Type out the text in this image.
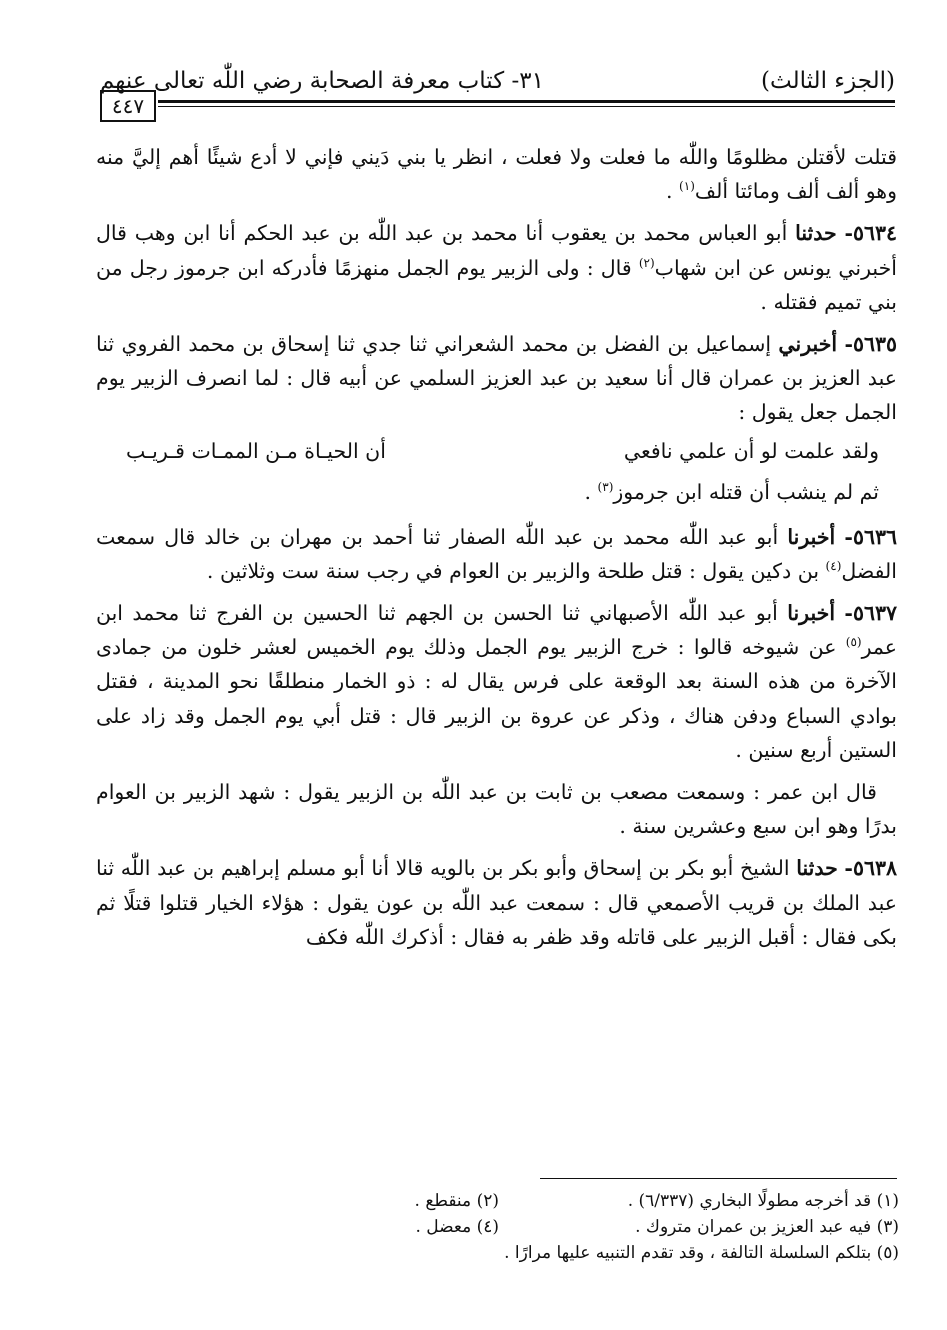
(الجزء الثالث)
٣١- كتاب معرفة الصحابة رضي اللّٰه تعالى عنهم
٤٤٧

قتلت لأقتلن مظلومًا واللّٰه ما فعلت ولا فعلت ، انظر يا بني دَيني فإني لا أدع شيئًا أهم إليَّ منه وهو ألف ألف ومائتا ألف$^{(١)}$ .

٥٦٣٤- حدثنا أبو العباس محمد بن يعقوب أنا محمد بن عبد اللّٰه بن عبد الحكم أنا ابن وهب قال أخبرني يونس عن ابن شهاب$^{(٢)}$ قال : ولى الزبير يوم الجمل منهزمًا فأدركه ابن جرموز رجل من بني تميم فقتله .

٥٦٣٥- أخبرني إسماعيل بن الفضل بن محمد الشعراني ثنا جدي ثنا إسحاق بن محمد الفروي ثنا عبد العزيز بن عمران قال أنا سعيد بن عبد العزيز السلمي عن أبيه قال : لما انصرف الزبير يوم الجمل جعل يقول :

ولقد علمت لو أن علمي نافعي
أن الحيـاة مـن الممـات قـريـب
ثم لم ينشب أن قتله ابن جرموز$^{(٣)}$ .

٥٦٣٦- أخبرنا أبو عبد اللّٰه محمد بن عبد اللّٰه الصفار ثنا أحمد بن مهران بن خالد قال سمعت الفضل$^{(٤)}$ بن دكين يقول : قتل طلحة والزبير بن العوام في رجب سنة ست وثلاثين .

٥٦٣٧- أخبرنا أبو عبد اللّٰه الأصبهاني ثنا الحسن بن الجهم ثنا الحسين بن الفرج ثنا محمد ابن عمر$^{(٥)}$ عن شيوخه قالوا : خرج الزبير يوم الجمل وذلك يوم الخميس لعشر خلون من جمادى الآخرة من هذه السنة بعد الوقعة على فرس يقال له : ذو الخمار منطلقًا نحو المدينة ، فقتل بوادي السباع ودفن هناك ، وذكر عن عروة بن الزبير قال : قتل أبي يوم الجمل وقد زاد على الستين أربع سنين .

قال ابن عمر : وسمعت مصعب بن ثابت بن عبد اللّٰه بن الزبير يقول : شهد الزبير بن العوام بدرًا وهو ابن سبع وعشرين سنة .

٥٦٣٨- حدثنا الشيخ أبو بكر بن إسحاق وأبو بكر بن بالويه قالا أنا أبو مسلم إبراهيم بن عبد اللّٰه ثنا عبد الملك بن قريب الأصمعي قال : سمعت عبد اللّٰه بن عون يقول : هؤلاء الخيار قتلوا قتلًا ثم بكى فقال : أقبل الزبير على قاتله وقد ظفر به فقال : أذكرك اللّٰه فكف

(١) قد أخرجه مطولًا البخاري (٦/٣٣٧) .
(٢) منقطع .
(٣) فيه عبد العزيز بن عمران متروك .
(٤) معضل .
(٥) بتلكم السلسلة التالفة ، وقد تقدم التنبيه عليها مرارًا .
